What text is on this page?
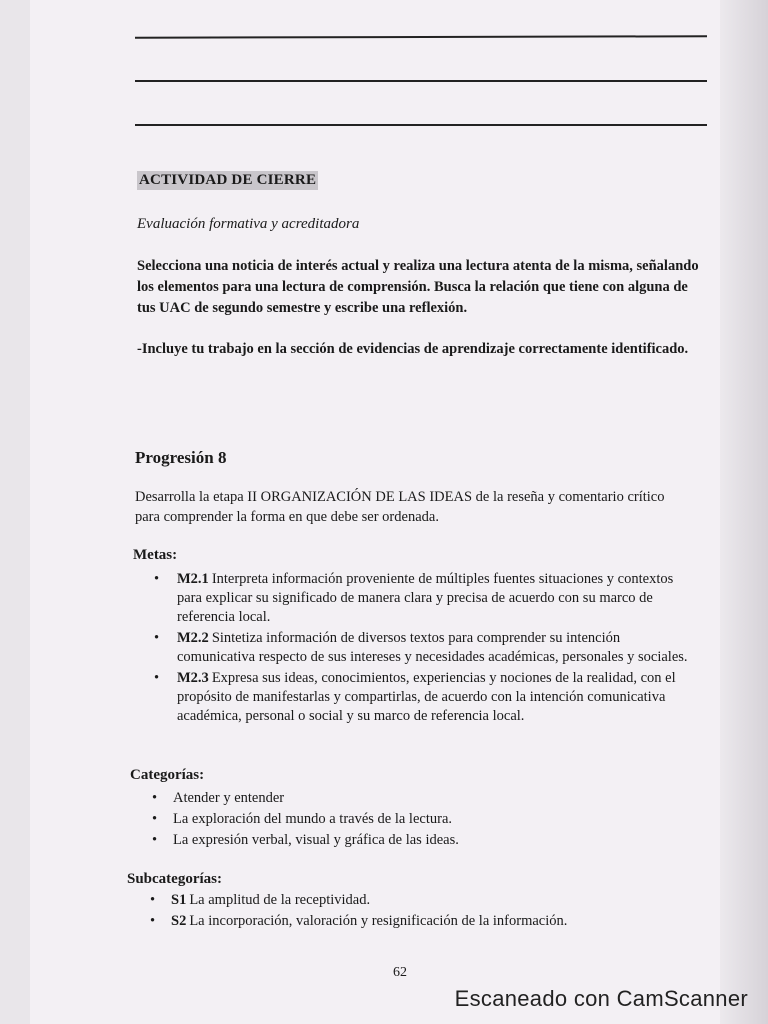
ACTIVIDAD DE CIERRE
Evaluación formativa y acreditadora
Selecciona una noticia de interés actual y realiza una lectura atenta de la misma, señalando los elementos para una lectura de comprensión. Busca la relación que tiene con alguna de tus UAC de segundo semestre y escribe una reflexión.
-Incluye tu trabajo en la sección de evidencias de aprendizaje correctamente identificado.
Progresión 8
Desarrolla la etapa II ORGANIZACIÓN DE LAS IDEAS de la reseña y comentario crítico para comprender la forma en que debe ser ordenada.
Metas:
• M2.1 Interpreta información proveniente de múltiples fuentes situaciones y contextos para explicar su significado de manera clara y precisa de acuerdo con su marco de referencia local.
• M2.2 Sintetiza información de diversos textos para comprender su intención comunicativa respecto de sus intereses y necesidades académicas, personales y sociales.
• M2.3 Expresa sus ideas, conocimientos, experiencias y nociones de la realidad, con el propósito de manifestarlas y compartirlas, de acuerdo con la intención comunicativa académica, personal o social y su marco de referencia local.
Categorías:
• Atender y entender
• La exploración del mundo a través de la lectura.
• La expresión verbal, visual y gráfica de las ideas.
Subcategorías:
• S1 La amplitud de la receptividad.
• S2 La incorporación, valoración y resignificación de la información.
62
Escaneado con CamScanner
